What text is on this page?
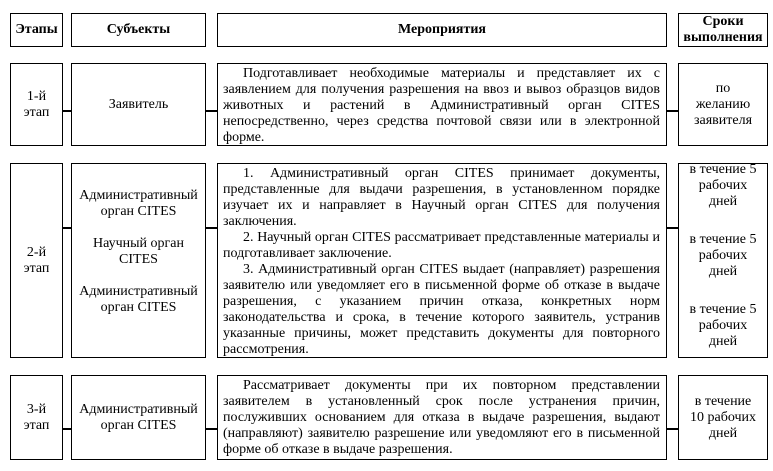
Этапы	Субъекты	Мероприятия
Сроки выполнения
1-й этап
Заявитель

Подготавливает необходимые материалы и представляет их с заявлением для получения разрешения на ввоз и вывоз образцов видов животных и растений в Административный орган CITES непосредственно, через средства почтовой связи или в электронной форме.

по желанию заявителя
2-й этап
Административный орган CITES
Научный орган CITES
Административный орган CITES

1. Административный орган CITES принимает документы, представленные для выдачи разрешения, в установленном порядке изучает их и направляет в Научный орган CITES для получения заключения.

2. Научный орган CITES рассматривает представленные материалы и подготавливает заключение.

3. Административный орган CITES выдает (направляет) разрешения заявителю или уведомляет его в письменной форме об отказе в выдаче разрешения, с указанием причин отказа, конкретных норм законодательства и срока, в течение которого заявитель, устранив указанные причины, может представить документы для повторного рассмотрения.

в течение 5 рабочих дней
в течение 5 рабочих дней
в течение 5 рабочих дней
3-й этап
Административный орган CITES

Рассматривает документы при их повторном представлении заявителем в установленный срок после устранения причин, послуживших основанием для отказа в выдаче разрешения, выдают (направляют) заявителю разрешение или уведомляют его в письменной форме об отказе в выдаче разрешения.

в течение 10 рабочих дней
